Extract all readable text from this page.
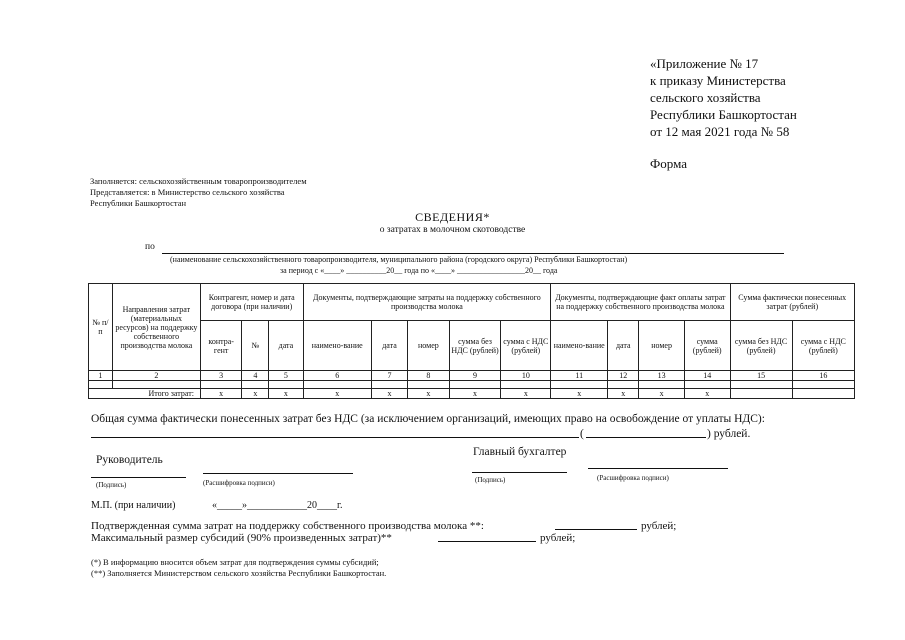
«Приложение № 17
к приказу Министерства
сельского хозяйства
Республики Башкортостан
от 12 мая 2021 года № 58
Форма
Заполняется: сельскохозяйственным товаропроизводителем
Представляется: в Министерство сельского хозяйства
Республики Башкортостан
СВЕДЕНИЯ*
о затратах в молочном скотоводстве
по
(наименование сельскохозяйственного товаропроизводителя, муниципального района (городского округа) Республики Башкортостан)
за период с «____» __________20__ года по «____» _________________20__ года
№ п/ п	Направления затрат (материальных ресурсов) на поддержку собственного производства молока	Контрагент, номер и дата договора (при наличии)			Документы, подтверждающие затраты на поддержку собственного производства молока					Документы, подтверждающие факт оплаты затрат на поддержку собственного производства молока				Сумма фактически понесенных затрат (рублей)	
		контра-гент	№	дата	наимено-вание	дата	номер	сумма без НДС (рублей)	сумма с НДС (рублей)	наимено-вание	дата	номер	сумма (рублей)	сумма без НДС (рублей)	сумма с НДС (рублей)
1	2	3	4	5	6	7	8	9	10	11	12	13	14	15	16

Итого затрат:		х	х	х	х	х	х	х	х	х	х	х	х		
Общая сумма фактически понесенных затрат без НДС (за исключением организаций, имеющих право на освобождение от уплаты НДС):
(	) рублей.
Руководитель
(Подпись)	(Расшифровка подписи)
Главный бухгалтер
(Подпись)	(Расшифровка подписи)
М.П. (при наличии)	«_____»____________20____г.
Подтвержденная сумма затрат на поддержку собственного производства молока **:	рублей;
Максимальный размер субсидий (90% произведенных затрат)**	рублей;
(*) В информацию вносится объем затрат для подтверждения суммы субсидий;
(**) Заполняется Министерством сельского хозяйства Республики Башкортостан.
